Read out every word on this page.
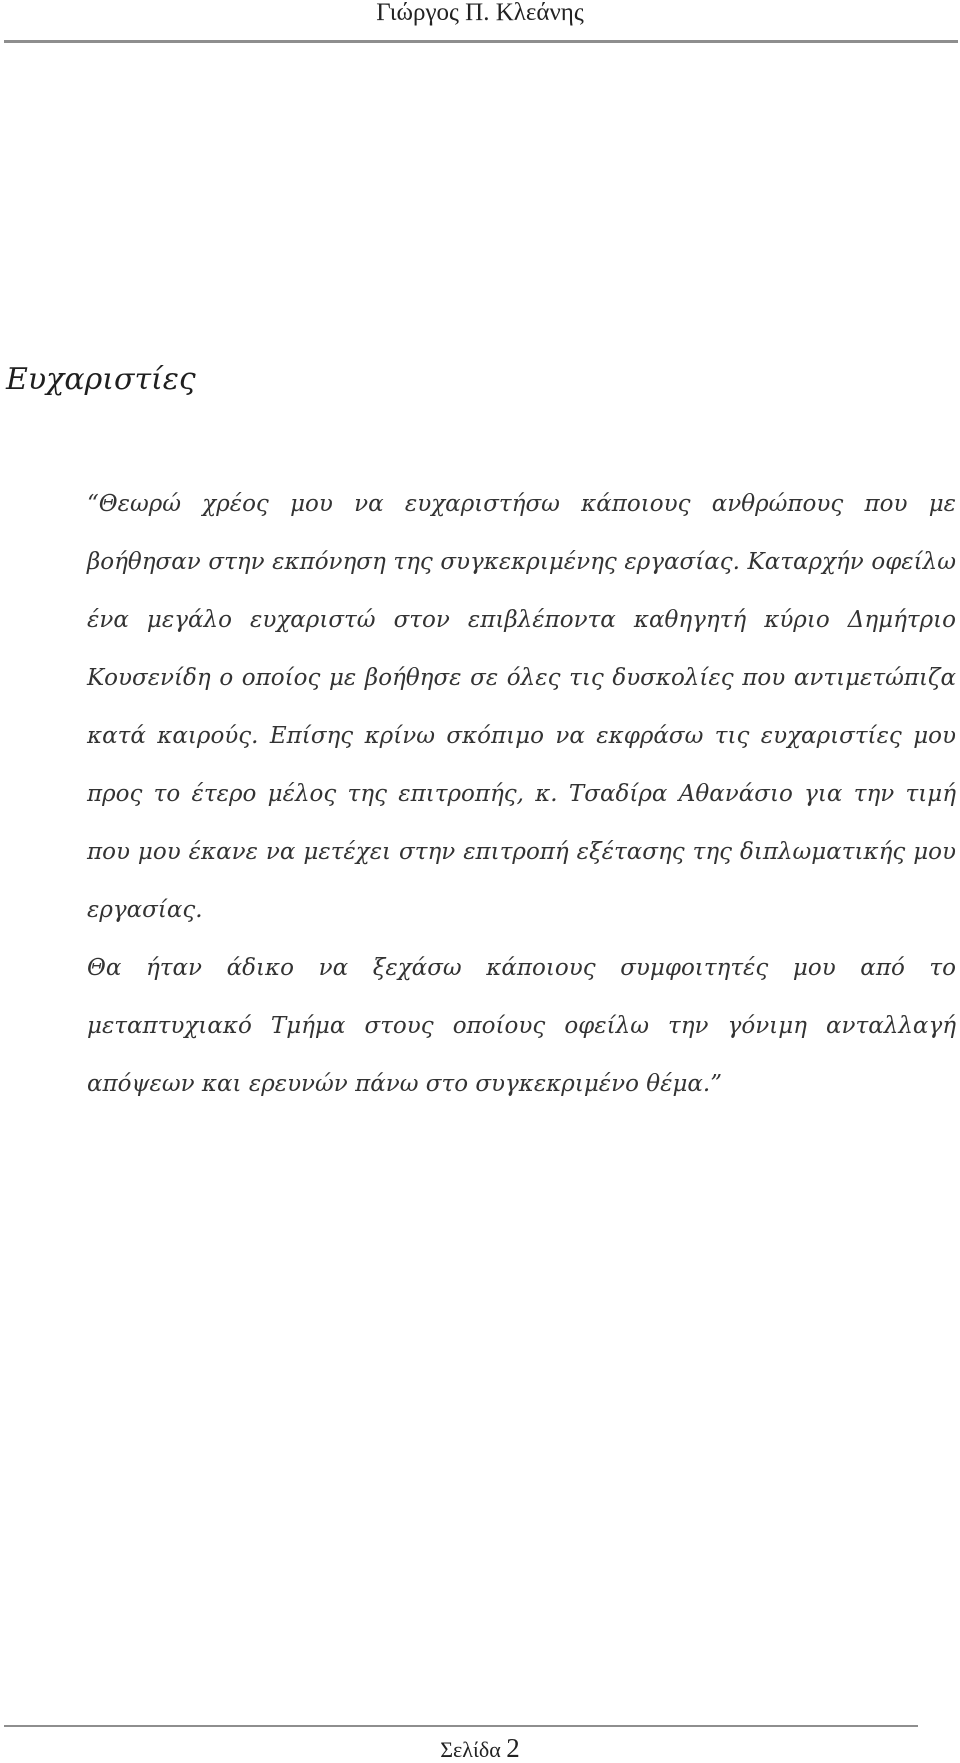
Γιώργος Π. Κλεάνης
Ευχαριστίες

“Θεωρώ χρέος μου να ευχαριστήσω κάποιους ανθρώπους που με βοήθησαν στην εκπόνηση της συγκεκριμένης εργασίας. Καταρχήν οφείλω ένα μεγάλο ευχαριστώ στον επιβλέποντα καθηγητή κύριο Δημήτριο Κουσενίδη ο οποίος με βοήθησε σε όλες τις δυσκολίες που αντιμετώπιζα κατά καιρούς. Επίσης κρίνω σκόπιμο να εκφράσω τις ευχαριστίες μου προς το έτερο μέλος της επιτροπής, κ. Τσαδίρα Αθανάσιο για την τιμή που μου έκανε να μετέχει στην επιτροπή εξέτασης της διπλωματικής μου εργασίας.

Θα ήταν άδικο να ξεχάσω κάποιους συμφοιτητές μου από το μεταπτυχιακό Τμήμα στους οποίους οφείλω την γόνιμη ανταλλαγή απόψεων και ερευνών πάνω στο συγκεκριμένο θέμα.”

Σελίδα 2
